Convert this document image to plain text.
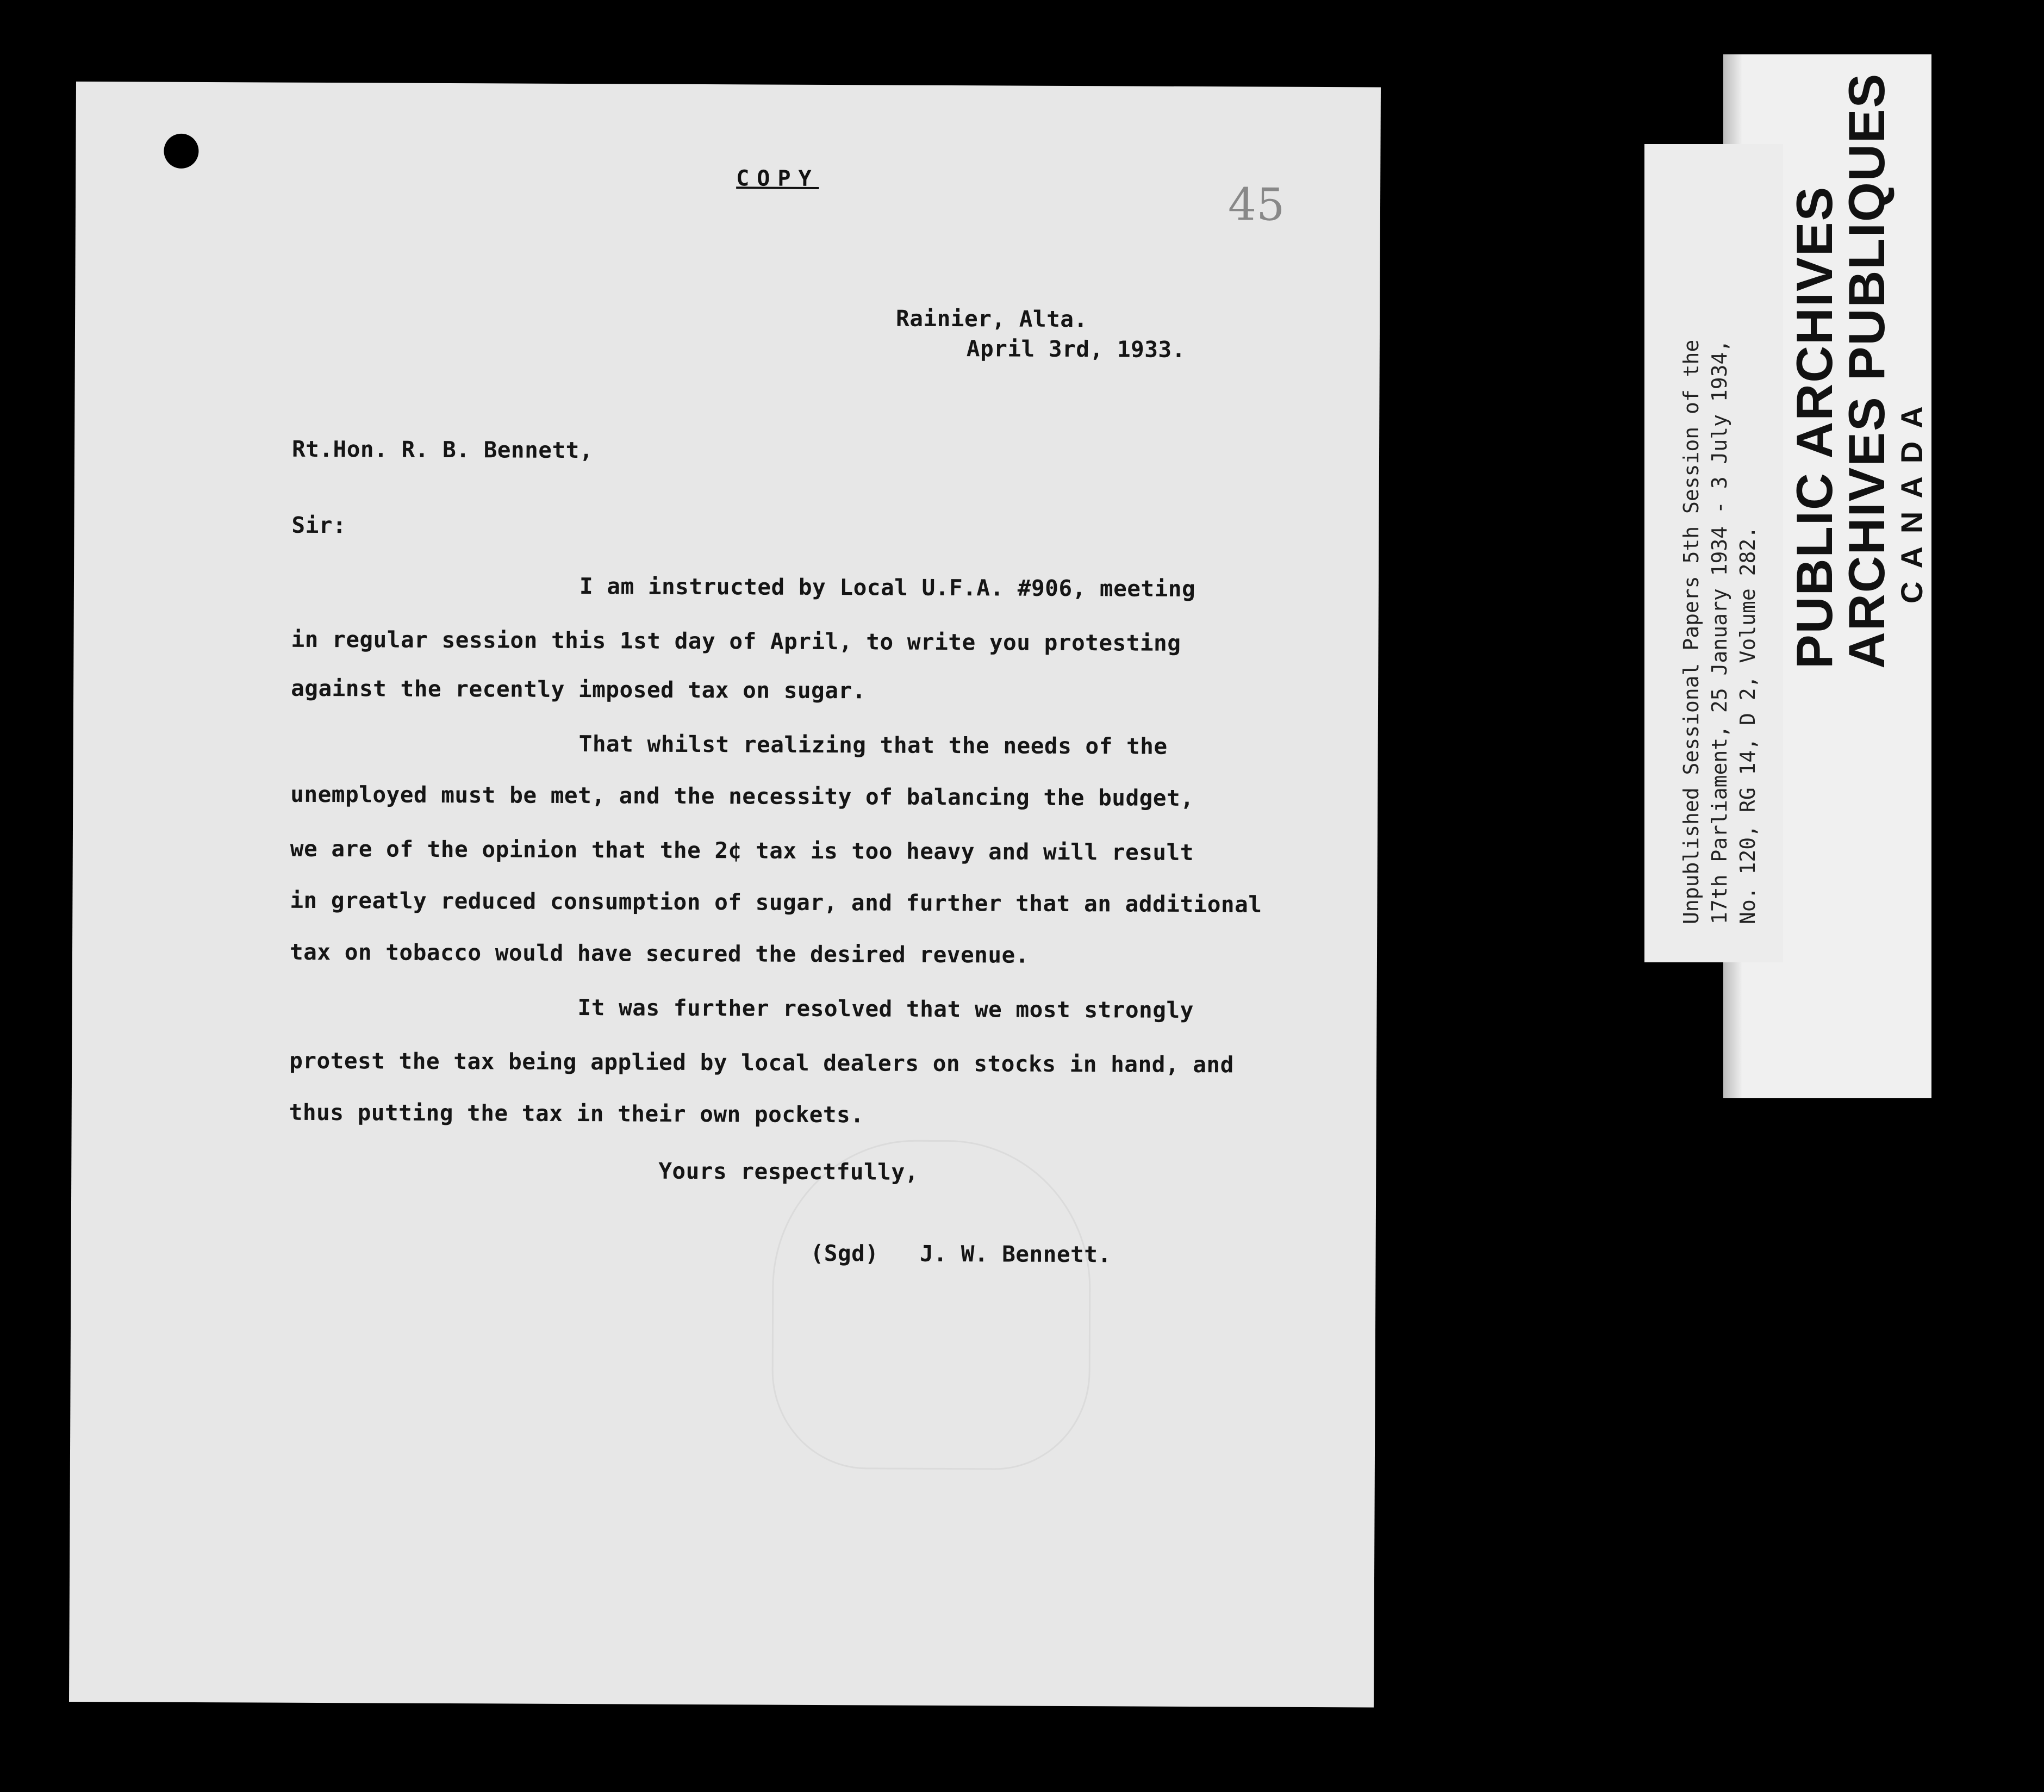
COPY
45
Rainier, Alta.
April 3rd, 1933.
Rt.Hon. R. B. Bennett,
Sir:
I am instructed by Local U.F.A. #906, meeting
in regular session this 1st day of April, to write you protesting
against the recently imposed tax on sugar.
That whilst realizing that the needs of the
unemployed must be met, and the necessity of balancing the budget,
we are of the opinion that the 2¢ tax is too heavy and will result
in greatly reduced consumption of sugar, and further that an additional
tax on tobacco would have secured the desired revenue.
It was further resolved that we most strongly
protest the tax being applied by local dealers on stocks in hand, and
thus putting the tax in their own pockets.
Yours respectfully,
(Sgd)   J. W. Bennett.
PUBLIC ARCHIVES
ARCHIVES PUBLIQUES CANADA
Unpublished Sessional Papers 5th Session of the 17th Parliament, 25 January 1934 - 3 July 1934, No. 120, RG 14, D 2, Volume 282.
